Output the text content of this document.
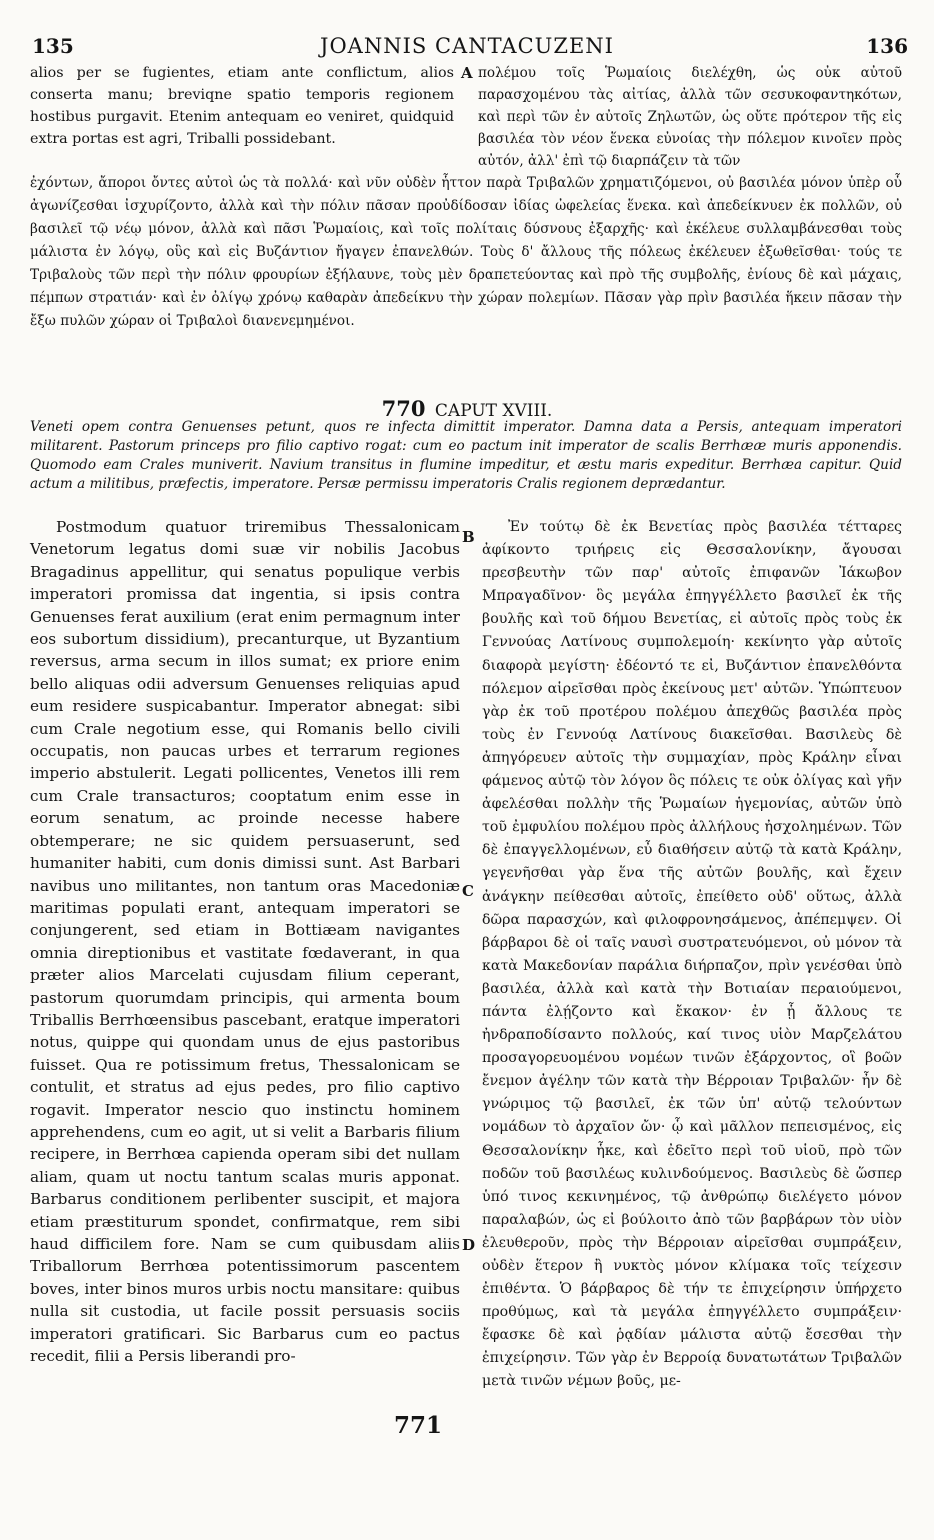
135	JOANNIS CANTACUZENI	136
alios per se fugientes, etiam ante conflictum, alios conserta manu; breviqne spatio temporis regionem hostibus purgavit. Etenim antequam eo veniret, quidquid extra portas est agri, Triballi possidebant.
A πολέμου τοῖς Ῥωμαίοις διελέχθη, ὡς οὐκ αὐτοῦ παρασχομένου τὰς αἰτίας, ἀλλὰ τῶν σεσυκοφαντηκότων, καὶ περὶ τῶν ἐν αὐτοῖς Ζηλωτῶν, ὡς οὔτε πρότερον τῆς εἰς βασιλέα τὸν νέον ἕνεκα εὐνοίας τὴν πόλεμον κινοῖεν πρὸς αὐτόν, ἀλλ' ἐπὶ τῷ διαρπάζειν τὰ τῶν
ἐχόντων, ἄποροι ὄντες αὐτοὶ ὡς τὰ πολλά· καὶ νῦν οὐδὲν ἧττον παρὰ Τριβαλῶν χρηματιζόμενοι, οὐ βασιλέα μόνον ὑπὲρ οὗ ἀγωνίζεσθαι ἰσχυρίζοντο, ἀλλὰ καὶ τὴν πόλιν πᾶσαν προὐδίδοσαν ἰδίας ὠφελείας ἕνεκα. καὶ ἀπεδείκνυεν ἐκ πολλῶν, οὐ βασιλεῖ τῷ νέῳ μόνον, ἀλλὰ καὶ πᾶσι Ῥωμαίοις, καὶ τοῖς πολίταις δύσνους ἐξαρχῆς· καὶ ἐκέλευε συλλαμβάνεσθαι τοὺς μάλιστα ἐν λόγῳ, οὓς καὶ εἰς Βυζάντιον ἤγαγεν ἐπανελθών. Τοὺς δ' ἄλλους τῆς πόλεως ἐκέλευεν ἐξωθεῖσθαι· τούς τε Τριβαλοὺς τῶν περὶ τὴν πόλιν φρουρίων ἐξήλαυνε, τοὺς μὲν δραπετεύοντας καὶ πρὸ τῆς συμβολῆς, ἐνίους δὲ καὶ μάχαις, πέμπων στρατιάν· καὶ ἐν ὀλίγῳ χρόνῳ καθαρὰν ἀπεδείκνυ τὴν χώραν πολεμίων. Πᾶσαν γὰρ πρὶν βασιλέα ἥκειν πᾶσαν τὴν ἔξω πυλῶν χώραν οἱ Τριβαλοὶ διανενεμημένοι.
770 CAPUT XVIII.
Veneti opem contra Genuenses petunt, quos re infecta dimittit imperator. Damna data a Persis, antequam imperatori militarent. Pastorum princeps pro filio captivo rogat: cum eo pactum init imperator de scalis Berrhææ muris apponendis. Quomodo eam Crales muniverit. Navium transitus in flumine impeditur, et æstu maris expeditur. Berrhæa capitur. Quid actum a militibus, præfectis, imperatore. Persæ permissu imperatoris Cralis regionem deprædantur.

Postmodum quatuor triremibus Thessalonicam Venetorum legatus domi suæ vir nobilis Jacobus Bragadinus appellitur, qui senatus populique verbis imperatori promissa dat ingentia, si ipsis contra Genuenses ferat auxilium (erat enim permagnum inter eos subortum dissidium), precanturque, ut Byzantium reversus, arma secum in illos sumat; ex priore enim bello aliquas odii adversum Genuenses reliquias apud eum residere suspicabantur. Imperator abnegat: sibi cum Crale negotium esse, qui Romanis bello civili occupatis, non paucas urbes et terrarum regiones imperio abstulerit. Legati pollicentes, Venetos illi rem cum Crale transacturos; cooptatum enim esse in eorum senatum, ac proinde necesse habere obtemperare; ne sic quidem persuaserunt, sed humaniter habiti, cum donis dimissi sunt. Ast Barbari navibus uno militantes, non tantum oras Macedoniæ maritimas populati erant, antequam imperatori se conjungerent, sed etiam in Bottiæam navigantes omnia direptionibus et vastitate fœdaverant, in qua præter alios Marcelati cujusdam filium ceperant, pastorum quorumdam principis, qui armenta boum Triballis Berrhœensibus pascebant, eratque imperatori notus, quippe qui quondam unus de ejus pastoribus fuisset. Qua re potissimum fretus, Thessalonicam se contulit, et stratus ad ejus pedes, pro filio captivo rogavit. Imperator nescio quo instinctu hominem apprehendens, cum eo agit, ut si velit a Barbaris filium recipere, in Berrhœa capienda operam sibi det nullam aliam, quam ut noctu tantum scalas muris apponat. Barbarus conditionem perlibenter suscipit, et majora etiam præstiturum spondet, confirmatque, rem sibi haud difficilem fore. Nam se cum quibusdam aliis Triballorum Berrhœa potentissimorum pascentem boves, inter binos muros urbis noctu mansitare: quibus nulla sit custodia, ut facile possit persuasis sociis imperatori gratificari. Sic Barbarus cum eo pactus recedit, filii a Persis liberandi pro-

B
C
D
771

Ἐν τούτῳ δὲ ἐκ Βενετίας πρὸς βασιλέα τέτταρες ἀφίκοντο τριήρεις εἰς Θεσσαλονίκην, ἄγουσαι πρεσβευτὴν τῶν παρ' αὐτοῖς ἐπιφανῶν Ἰάκωβον Μπραγαδῖνον· ὃς μεγάλα ἐπηγγέλλετο βασιλεῖ ἐκ τῆς βουλῆς καὶ τοῦ δήμου Βενετίας, εἰ αὐτοῖς πρὸς τοὺς ἐκ Γεννούας Λατίνους συμπολεμοίη· κεκίνητο γὰρ αὐτοῖς διαφορὰ μεγίστη· ἐδέοντό τε εἰ, Βυζάντιον ἐπανελθόντα πόλεμον αἱρεῖσθαι πρὸς ἐκείνους μετ' αὐτῶν. Ὑπώπτευον γὰρ ἐκ τοῦ προτέρου πολέμου ἀπεχθῶς βασιλέα πρὸς τοὺς ἐν Γεννούᾳ Λατίνους διακεῖσθαι. Βασιλεὺς δὲ ἀπηγόρευεν αὐτοῖς τὴν συμμαχίαν, πρὸς Κράλην εἶναι φάμενος αὐτῷ τὸν λόγον ὃς πόλεις τε οὐκ ὀλίγας καὶ γῆν ἀφελέσθαι πολλὴν τῆς Ῥωμαίων ἡγεμονίας, αὐτῶν ὑπὸ τοῦ ἐμφυλίου πολέμου πρὸς ἀλλήλους ἠσχολημένων. Τῶν δὲ ἐπαγγελλομένων, εὖ διαθήσειν αὐτῷ τὰ κατὰ Κράλην, γεγενῆσθαι γὰρ ἕνα τῆς αὐτῶν βουλῆς, καὶ ἔχειν ἀνάγκην πείθεσθαι αὐτοῖς, ἐπείθετο οὐδ' οὕτως, ἀλλὰ δῶρα παρασχών, καὶ φιλοφρονησάμενος, ἀπέπεμψεν. Οἱ βάρβαροι δὲ οἱ ταῖς ναυσὶ συστρατευόμενοι, οὐ μόνον τὰ κατὰ Μακεδονίαν παράλια διήρπαζον, πρὶν γενέσθαι ὑπὸ βασιλέα, ἀλλὰ καὶ κατὰ τὴν Βοτιαίαν περαιούμενοι, πάντα ἐλῄζοντο καὶ ἔκακον· ἐν ᾗ ἄλλους τε ἠνδραποδίσαντο πολλούς, καί τινος υἱὸν Μαρζελάτου προσαγορευομένου νομέων τινῶν ἐξάρχοντος, οἳ βοῶν ἔνεμον ἀγέλην τῶν κατὰ τὴν Βέρροιαν Τριβαλῶν· ἦν δὲ γνώριμος τῷ βασιλεῖ, ἐκ τῶν ὑπ' αὐτῷ τελούντων νομάδων τὸ ἀρχαῖον ὤν· ᾧ καὶ μᾶλλον πεπεισμένος, εἰς Θεσσαλονίκην ἧκε, καὶ ἐδεῖτο περὶ τοῦ υἱοῦ, πρὸ τῶν ποδῶν τοῦ βασιλέως κυλινδούμενος. Βασιλεὺς δὲ ὥσπερ ὑπό τινος κεκινημένος, τῷ ἀνθρώπῳ διελέγετο μόνον παραλαβών, ὡς εἰ βούλοιτο ἀπὸ τῶν βαρβάρων τὸν υἱὸν ἐλευθεροῦν, πρὸς τὴν Βέρροιαν αἱρεῖσθαι συμπράξειν, οὐδὲν ἕτερον ἢ νυκτὸς μόνον κλίμακα τοῖς τείχεσιν ἐπιθέντα. Ὁ βάρβαρος δὲ τήν τε ἐπιχείρησιν ὑπήρχετο προθύμως, καὶ τὰ μεγάλα ἐπηγγέλλετο συμπράξειν· ἔφασκε δὲ καὶ ῥᾳδίαν μάλιστα αὐτῷ ἔσεσθαι τὴν ἐπιχείρησιν. Τῶν γὰρ ἐν Βερροίᾳ δυνατωτάτων Τριβαλῶν μετὰ τινῶν νέμων βοῦς, με-
